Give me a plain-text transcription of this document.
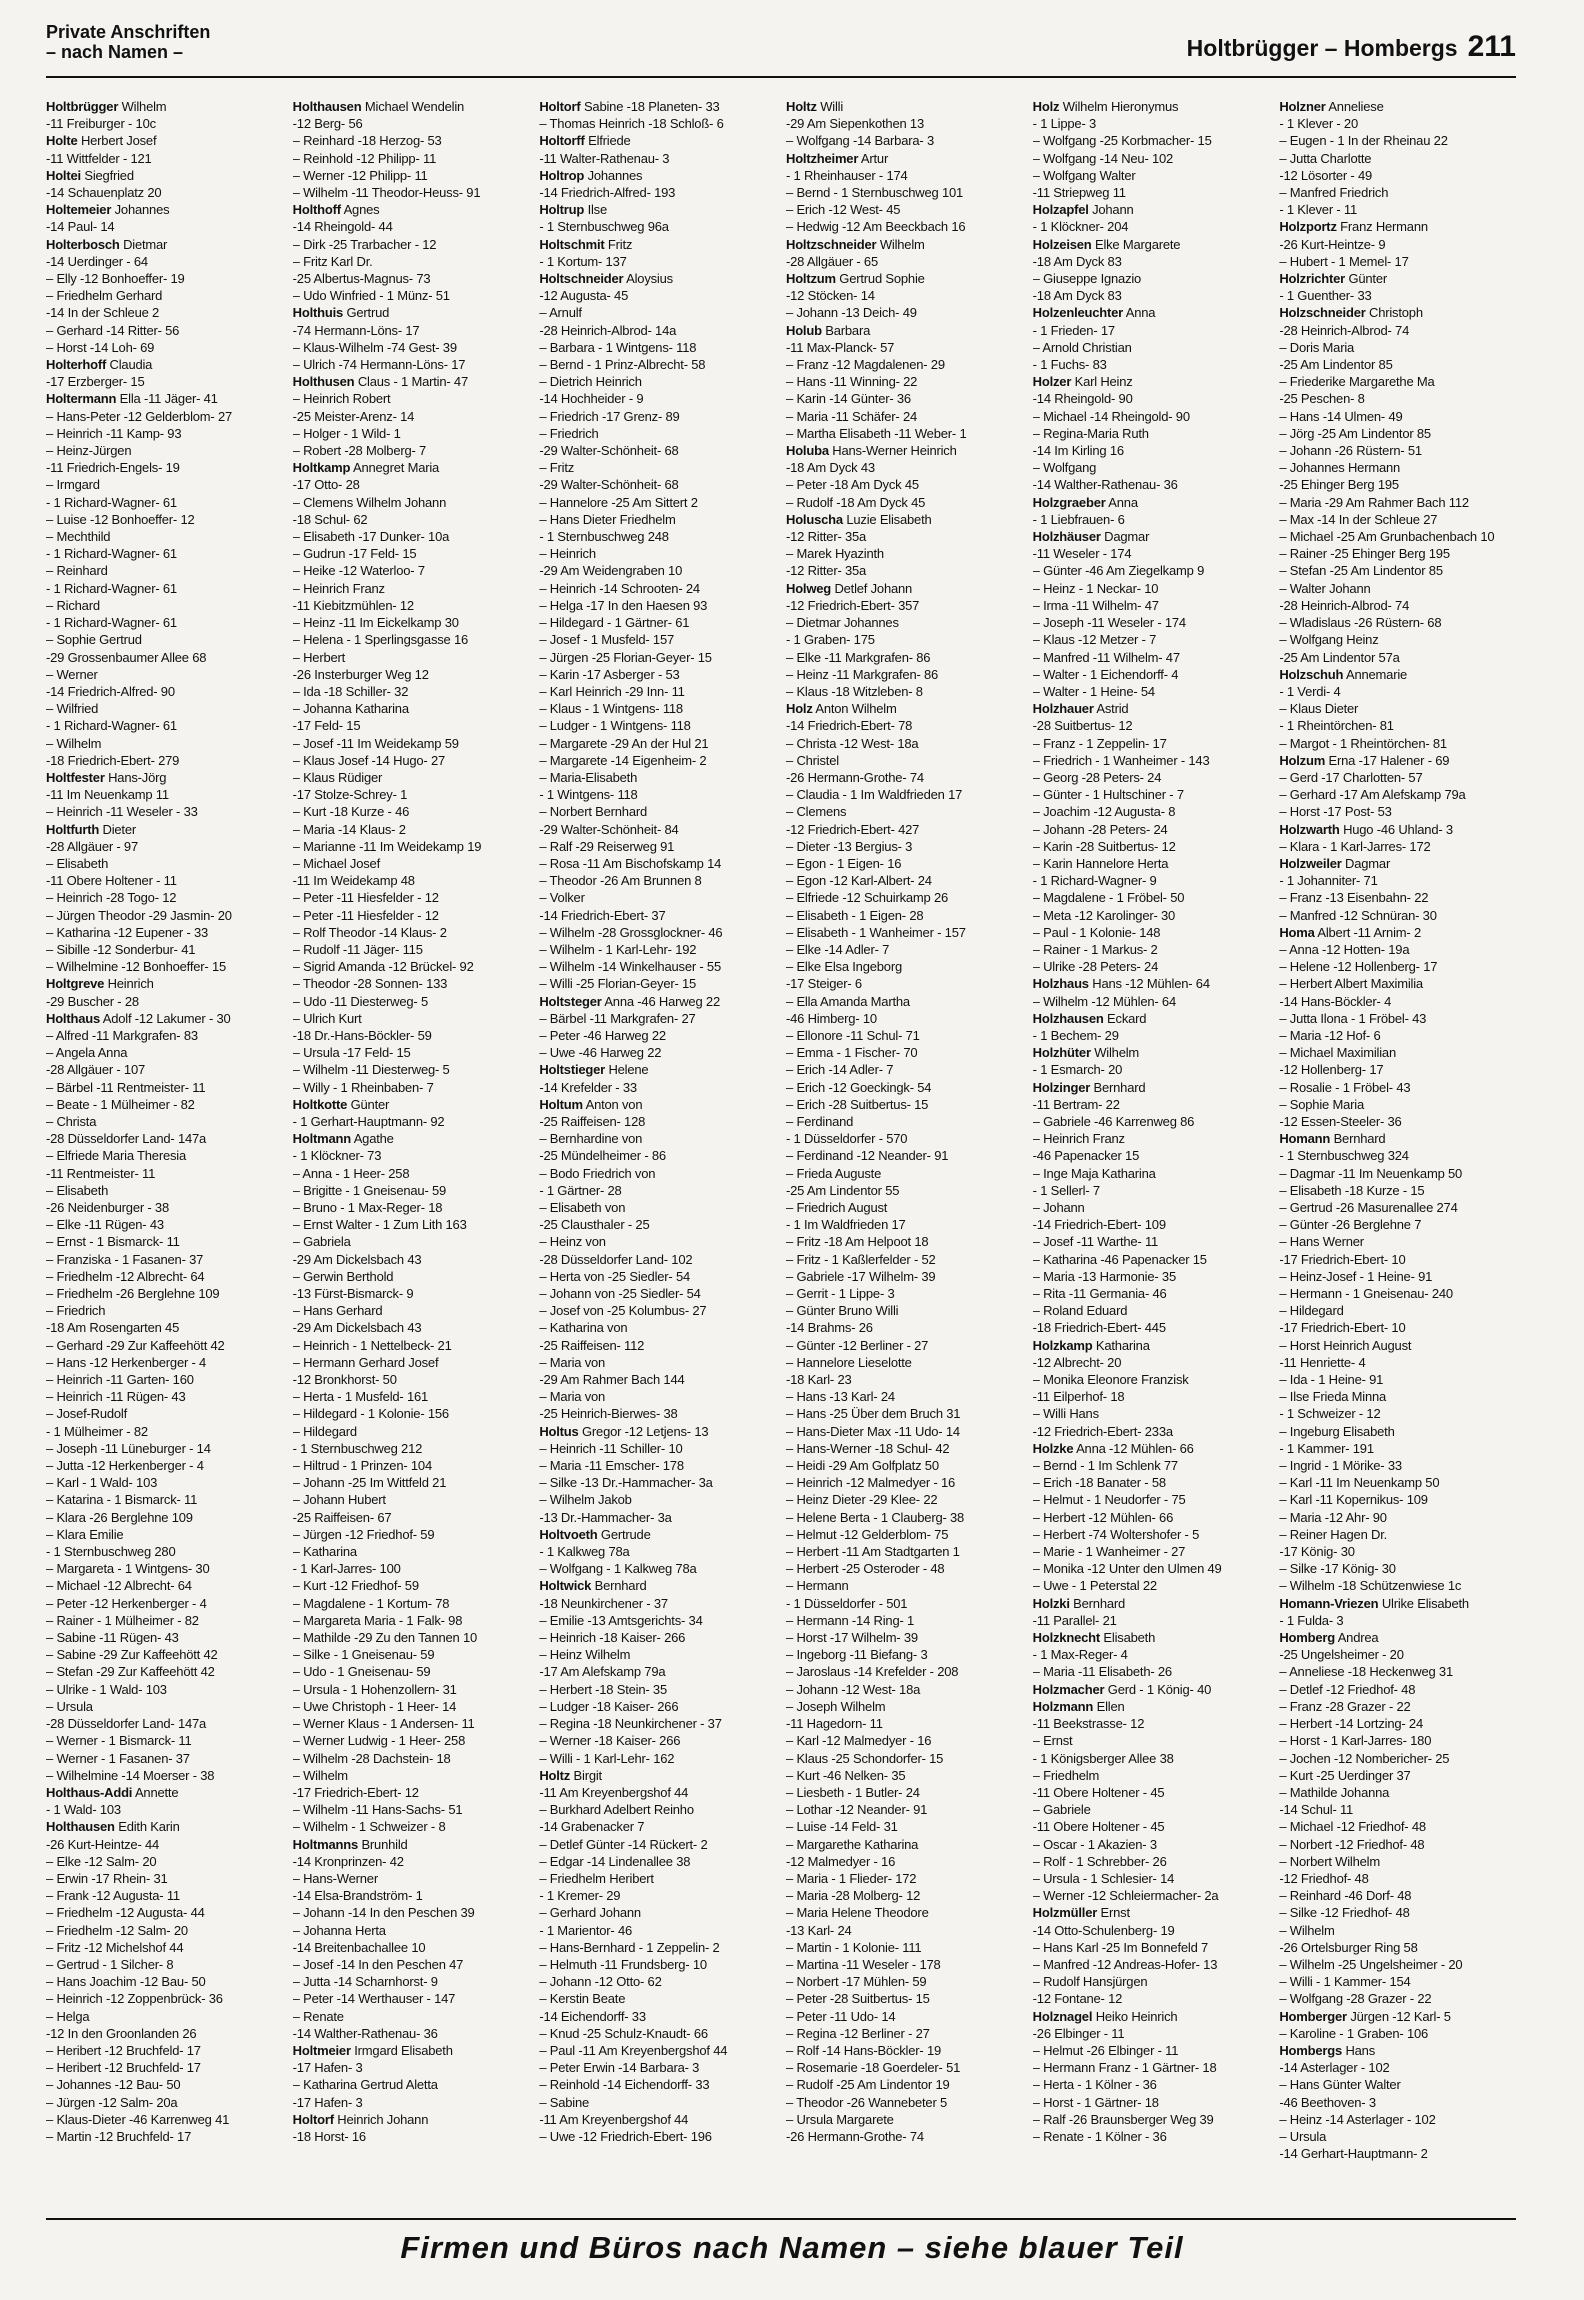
Private Anschriften
– nach Namen –	Holtbrügger – Hombergs 211
Holtbrügger Wilhelm
-11 Freiburger - 10c
Holte Herbert Josef
-11 Wittfelder - 121
Holtei Siegfried
-14 Schauenplatz 20
Holtemeier Johannes
-14 Paul- 14
Holterbosch Dietmar
-14 Uerdinger - 64
– Elly -12 Bonhoeffer- 19
– Friedhelm Gerhard
-14 In der Schleue 2
– Gerhard -14 Ritter- 56
– Horst -14 Loh- 69
Holterhoff Claudia
-17 Erzberger- 15
Holtermann Ella -11 Jäger- 41
– Hans-Peter -12 Gelderblom- 27
– Heinrich -11 Kamp- 93
– Heinz-Jürgen
-11 Friedrich-Engels- 19
– Irmgard
- 1 Richard-Wagner- 61
– Luise -12 Bonhoeffer- 12
– Mechthild
- 1 Richard-Wagner- 61
– Reinhard
- 1 Richard-Wagner- 61
– Richard
- 1 Richard-Wagner- 61
– Sophie Gertrud
-29 Grossenbaumer Allee 68
– Werner
-14 Friedrich-Alfred- 90
– Wilfried
- 1 Richard-Wagner- 61
– Wilhelm
-18 Friedrich-Ebert- 279
Holtfester Hans-Jörg
-11 Im Neuenkamp 11
– Heinrich -11 Weseler - 33
Holtfurth Dieter
-28 Allgäuer - 97
– Elisabeth
-11 Obere Holtener - 11
– Heinrich -28 Togo- 12
– Jürgen Theodor -29 Jasmin- 20
– Katharina -12 Eupener - 33
– Sibille -12 Sonderbur- 41
– Wilhelmine -12 Bonhoeffer- 15
Holtgreve Heinrich
-29 Buscher - 28
Holthaus Adolf -12 Lakumer - 30
– Alfred -11 Markgrafen- 83
– Angela Anna
-28 Allgäuer - 107
– Bärbel -11 Rentmeister- 11
– Beate - 1 Mülheimer - 82
– Christa
-28 Düsseldorfer Land- 147a
– Elfriede Maria Theresia
-11 Rentmeister- 11
– Elisabeth
-26 Neidenburger - 38
– Elke -11 Rügen- 43
– Ernst - 1 Bismarck- 11
– Franziska - 1 Fasanen- 37
– Friedhelm -12 Albrecht- 64
– Friedhelm -26 Berglehne 109
– Friedrich
-18 Am Rosengarten 45
– Gerhard -29 Zur Kaffeehött 42
– Hans -12 Herkenberger - 4
– Heinrich -11 Garten- 160
– Heinrich -11 Rügen- 43
– Josef-Rudolf
- 1 Mülheimer - 82
– Joseph -11 Lüneburger - 14
– Jutta -12 Herkenberger - 4
– Karl - 1 Wald- 103
– Katarina - 1 Bismarck- 11
– Klara -26 Berglehne 109
– Klara Emilie
- 1 Sternbuschweg 280
– Margareta - 1 Wintgens- 30
– Michael -12 Albrecht- 64
– Peter -12 Herkenberger - 4
– Rainer - 1 Mülheimer - 82
– Sabine -11 Rügen- 43
– Sabine -29 Zur Kaffeehött 42
– Stefan -29 Zur Kaffeehött 42
– Ulrike - 1 Wald- 103
– Ursula
-28 Düsseldorfer Land- 147a
– Werner - 1 Bismarck- 11
– Werner - 1 Fasanen- 37
– Wilhelmine -14 Moerser - 38
Holthaus-Addi Annette
- 1 Wald- 103
Holthausen Edith Karin
-26 Kurt-Heintze- 44
– Elke -12 Salm- 20
– Erwin -17 Rhein- 31
– Frank -12 Augusta- 11
– Friedhelm -12 Augusta- 44
– Friedhelm -12 Salm- 20
– Fritz -12 Michelshof 44
– Gertrud - 1 Silcher- 8
– Hans Joachim -12 Bau- 50
– Heinrich -12 Zoppenbrück- 36
– Helga
-12 In den Groonlanden 26
– Heribert -12 Bruchfeld- 17
– Heribert -12 Bruchfeld- 17
– Johannes -12 Bau- 50
– Jürgen -12 Salm- 20a
– Klaus-Dieter -46 Karrenweg 41
– Martin -12 Bruchfeld- 17
Holthausen Michael Wendelin
-12 Berg- 56
– Reinhard -18 Herzog- 53
– Reinhold -12 Philipp- 11
– Werner -12 Philipp- 11
– Wilhelm -11 Theodor-Heuss- 91
Holthoff Agnes
-14 Rheingold- 44
– Dirk -25 Trarbacher - 12
– Fritz Karl Dr.
-25 Albertus-Magnus- 73
– Udo Winfried - 1 Münz- 51
Holthuis Gertrud
-74 Hermann-Löns- 17
– Klaus-Wilhelm -74 Gest- 39
– Ulrich -74 Hermann-Löns- 17
Holthusen Claus - 1 Martin- 47
– Heinrich Robert
-25 Meister-Arenz- 14
– Holger - 1 Wild- 1
– Robert -28 Molberg- 7
Holtkamp Annegret Maria
-17 Otto- 28
– Clemens Wilhelm Johann
-18 Schul- 62
– Elisabeth -17 Dunker- 10a
– Gudrun -17 Feld- 15
– Heike -12 Waterloo- 7
– Heinrich Franz
-11 Kiebitzmühlen- 12
– Heinz -11 Im Eickelkamp 30
– Helena - 1 Sperlingsgasse 16
– Herbert
-26 Insterburger Weg 12
– Ida -18 Schiller- 32
– Johanna Katharina
-17 Feld- 15
– Josef -11 Im Weidekamp 59
– Klaus Josef -14 Hugo- 27
– Klaus Rüdiger
-17 Stolze-Schrey- 1
– Kurt -18 Kurze - 46
– Maria -14 Klaus- 2
– Marianne -11 Im Weidekamp 19
– Michael Josef
-11 Im Weidekamp 48
– Peter -11 Hiesfelder - 12
– Peter -11 Hiesfelder - 12
– Rolf Theodor -14 Klaus- 2
– Rudolf -11 Jäger- 115
– Sigrid Amanda -12 Brückel- 92
– Theodor -28 Sonnen- 133
– Udo -11 Diesterweg- 5
– Ulrich Kurt
-18 Dr.-Hans-Böckler- 59
– Ursula -17 Feld- 15
– Wilhelm -11 Diesterweg- 5
– Willy - 1 Rheinbaben- 7
Holtkotte Günter
- 1 Gerhart-Hauptmann- 92
Holtmann Agathe
- 1 Klöckner- 73
– Anna - 1 Heer- 258
– Brigitte - 1 Gneisenau- 59
– Bruno - 1 Max-Reger- 18
– Ernst Walter - 1 Zum Lith 163
– Gabriela
-29 Am Dickelsbach 43
– Gerwin Berthold
-13 Fürst-Bismarck- 9
– Hans Gerhard
-29 Am Dickelsbach 43
– Heinrich - 1 Nettelbeck- 21
– Hermann Gerhard Josef
-12 Bronkhorst- 50
– Herta - 1 Musfeld- 161
– Hildegard - 1 Kolonie- 156
– Hildegard
- 1 Sternbuschweg 212
– Hiltrud - 1 Prinzen- 104
– Johann -25 Im Wittfeld 21
– Johann Hubert
-25 Raiffeisen- 67
– Jürgen -12 Friedhof- 59
– Katharina
- 1 Karl-Jarres- 100
– Kurt -12 Friedhof- 59
– Magdalene - 1 Kortum- 78
– Margareta Maria - 1 Falk- 98
– Mathilde -29 Zu den Tannen 10
– Silke - 1 Gneisenau- 59
– Udo - 1 Gneisenau- 59
– Ursula - 1 Hohenzollern- 31
– Uwe Christoph - 1 Heer- 14
– Werner Klaus - 1 Andersen- 11
– Werner Ludwig - 1 Heer- 258
– Wilhelm -28 Dachstein- 18
– Wilhelm
-17 Friedrich-Ebert- 12
– Wilhelm -11 Hans-Sachs- 51
– Wilhelm - 1 Schweizer - 8
Holtmanns Brunhild
-14 Kronprinzen- 42
– Hans-Werner
-14 Elsa-Brandström- 1
– Johann -14 In den Peschen 39
– Johanna Herta
-14 Breitenbachallee 10
– Josef -14 In den Peschen 47
– Jutta -14 Scharnhorst- 9
– Peter -14 Werthauser - 147
– Renate
-14 Walther-Rathenau- 36
Holtmeier Irmgard Elisabeth
-17 Hafen- 3
– Katharina Gertrud Aletta
-17 Hafen- 3
Holtorf Heinrich Johann
-18 Horst- 16
Holtorf Sabine -18 Planeten- 33
– Thomas Heinrich -18 Schloß- 6
Holtorff Elfriede
-11 Walter-Rathenau- 3
Holtrop Johannes
-14 Friedrich-Alfred- 193
Holtrup Ilse
- 1 Sternbuschweg 96a
Holtschmit Fritz
- 1 Kortum- 137
Holtschneider Aloysius
-12 Augusta- 45
– Arnulf
-28 Heinrich-Albrod- 14a
– Barbara - 1 Wintgens- 118
– Bernd - 1 Prinz-Albrecht- 58
– Dietrich Heinrich
-14 Hochheider - 9
– Friedrich -17 Grenz- 89
– Friedrich
-29 Walter-Schönheit- 68
– Fritz
-29 Walter-Schönheit- 68
– Hannelore -25 Am Sittert 2
– Hans Dieter Friedhelm
- 1 Sternbuschweg 248
– Heinrich
-29 Am Weidengraben 10
– Heinrich -14 Schrooten- 24
– Helga -17 In den Haesen 93
– Hildegard - 1 Gärtner- 61
– Josef - 1 Musfeld- 157
– Jürgen -25 Florian-Geyer- 15
– Karin -17 Asberger - 53
– Karl Heinrich -29 Inn- 11
– Klaus - 1 Wintgens- 118
– Ludger - 1 Wintgens- 118
– Margarete -29 An der Hul 21
– Margarete -14 Eigenheim- 2
– Maria-Elisabeth
- 1 Wintgens- 118
– Norbert Bernhard
-29 Walter-Schönheit- 84
– Ralf -29 Reiserweg 91
– Rosa -11 Am Bischofskamp 14
– Theodor -26 Am Brunnen 8
– Volker
-14 Friedrich-Ebert- 37
– Wilhelm -28 Grossglockner- 46
– Wilhelm - 1 Karl-Lehr- 192
– Wilhelm -14 Winkelhauser - 55
– Willi -25 Florian-Geyer- 15
Holtsteger Anna -46 Harweg 22
– Bärbel -11 Markgrafen- 27
– Peter -46 Harweg 22
– Uwe -46 Harweg 22
Holtstieger Helene
-14 Krefelder - 33
Holtum Anton von
-25 Raiffeisen- 128
– Bernhardine von
-25 Mündelheimer - 86
– Bodo Friedrich von
- 1 Gärtner- 28
– Elisabeth von
-25 Clausthaler - 25
– Heinz von
-28 Düsseldorfer Land- 102
– Herta von -25 Siedler- 54
– Johann von -25 Siedler- 54
– Josef von -25 Kolumbus- 27
– Katharina von
-25 Raiffeisen- 112
– Maria von
-29 Am Rahmer Bach 144
– Maria von
-25 Heinrich-Bierwes- 38
Holtus Gregor -12 Letjens- 13
– Heinrich -11 Schiller- 10
– Maria -11 Emscher- 178
– Silke -13 Dr.-Hammacher- 3a
– Wilhelm Jakob
-13 Dr.-Hammacher- 3a
Holtvoeth Gertrude
- 1 Kalkweg 78a
– Wolfgang - 1 Kalkweg 78a
Holtwick Bernhard
-18 Neunkirchener - 37
– Emilie -13 Amtsgerichts- 34
– Heinrich -18 Kaiser- 266
– Heinz Wilhelm
-17 Am Alefskamp 79a
– Herbert -18 Stein- 35
– Ludger -18 Kaiser- 266
– Regina -18 Neunkirchener - 37
– Werner -18 Kaiser- 266
– Willi - 1 Karl-Lehr- 162
Holtz Birgit
-11 Am Kreyenbergshof 44
– Burkhard Adelbert Reinho
-14 Grabenacker 7
– Detlef Günter -14 Rückert- 2
– Edgar -14 Lindenallee 38
– Friedhelm Heribert
- 1 Kremer- 29
– Gerhard Johann
- 1 Marientor- 46
– Hans-Bernhard - 1 Zeppelin- 2
– Helmuth -11 Frundsberg- 10
– Johann -12 Otto- 62
– Kerstin Beate
-14 Eichendorff- 33
– Knud -25 Schulz-Knaudt- 66
– Paul -11 Am Kreyenbergshof 44
– Peter Erwin -14 Barbara- 3
– Reinhold -14 Eichendorff- 33
– Sabine
-11 Am Kreyenbergshof 44
– Uwe -12 Friedrich-Ebert- 196
Holtz Willi
-29 Am Siepenkothen 13
– Wolfgang -14 Barbara- 3
Holtzheimer Artur
- 1 Rheinhauser - 174
– Bernd - 1 Sternbuschweg 101
– Erich -12 West- 45
– Hedwig -12 Am Beeckbach 16
Holtzschneider Wilhelm
-28 Allgäuer - 65
Holtzum Gertrud Sophie
-12 Stöcken- 14
– Johann -13 Deich- 49
Holub Barbara
-11 Max-Planck- 57
– Franz -12 Magdalenen- 29
– Hans -11 Winning- 22
– Karin -14 Günter- 36
– Maria -11 Schäfer- 24
– Martha Elisabeth -11 Weber- 1
Holuba Hans-Werner Heinrich
-18 Am Dyck 43
– Peter -18 Am Dyck 45
– Rudolf -18 Am Dyck 45
Holuscha Luzie Elisabeth
-12 Ritter- 35a
– Marek Hyazinth
-12 Ritter- 35a
Holweg Detlef Johann
-12 Friedrich-Ebert- 357
– Dietmar Johannes
- 1 Graben- 175
– Elke -11 Markgrafen- 86
– Heinz -11 Markgrafen- 86
– Klaus -18 Witzleben- 8
Holz Anton Wilhelm
-14 Friedrich-Ebert- 78
– Christa -12 West- 18a
– Christel
-26 Hermann-Grothe- 74
– Claudia - 1 Im Waldfrieden 17
– Clemens
-12 Friedrich-Ebert- 427
– Dieter -13 Bergius- 3
– Egon - 1 Eigen- 16
– Egon -12 Karl-Albert- 24
– Elfriede -12 Schuirkamp 26
– Elisabeth - 1 Eigen- 28
– Elisabeth - 1 Wanheimer - 157
– Elke -14 Adler- 7
– Elke Elsa Ingeborg
-17 Steiger- 6
– Ella Amanda Martha
-46 Himberg- 10
– Ellonore -11 Schul- 71
– Emma - 1 Fischer- 70
– Erich -14 Adler- 7
– Erich -12 Goeckingk- 54
– Erich -28 Suitbertus- 15
– Ferdinand
- 1 Düsseldorfer - 570
– Ferdinand -12 Neander- 91
– Frieda Auguste
-25 Am Lindentor 55
– Friedrich August
- 1 Im Waldfrieden 17
– Fritz -18 Am Helpoot 18
– Fritz - 1 Kaßlerfelder - 52
– Gabriele -17 Wilhelm- 39
– Gerrit - 1 Lippe- 3
– Günter Bruno Willi
-14 Brahms- 26
– Günter -12 Berliner - 27
– Hannelore Lieselotte
-18 Karl- 23
– Hans -13 Karl- 24
– Hans -25 Über dem Bruch 31
– Hans-Dieter Max -11 Udo- 14
– Hans-Werner -18 Schul- 42
– Heidi -29 Am Golfplatz 50
– Heinrich -12 Malmedyer - 16
– Heinz Dieter -29 Klee- 22
– Helene Berta - 1 Clauberg- 38
– Helmut -12 Gelderblom- 75
– Herbert -11 Am Stadtgarten 1
– Herbert -25 Osteroder - 48
– Hermann
- 1 Düsseldorfer - 501
– Hermann -14 Ring- 1
– Horst -17 Wilhelm- 39
– Ingeborg -11 Biefang- 3
– Jaroslaus -14 Krefelder - 208
– Johann -12 West- 18a
– Joseph Wilhelm
-11 Hagedorn- 11
– Karl -12 Malmedyer - 16
– Klaus -25 Schondorfer- 15
– Kurt -46 Nelken- 35
– Liesbeth - 1 Butler- 24
– Lothar -12 Neander- 91
– Luise -14 Feld- 31
– Margarethe Katharina
-12 Malmedyer - 16
– Maria - 1 Flieder- 172
– Maria -28 Molberg- 12
– Maria Helene Theodore
-13 Karl- 24
– Martin - 1 Kolonie- 111
– Martina -11 Weseler - 178
– Norbert -17 Mühlen- 59
– Peter -28 Suitbertus- 15
– Peter -11 Udo- 14
– Regina -12 Berliner - 27
– Rolf -14 Hans-Böckler- 19
– Rosemarie -18 Goerdeler- 51
– Rudolf -25 Am Lindentor 19
– Theodor -26 Wannebeter 5
– Ursula Margarete
-26 Hermann-Grothe- 74
Holz Wilhelm Hieronymus
- 1 Lippe- 3
– Wolfgang -25 Korbmacher- 15
– Wolfgang -14 Neu- 102
– Wolfgang Walter
-11 Striepweg 11
Holzapfel Johann
- 1 Klöckner- 204
Holzeisen Elke Margarete
-18 Am Dyck 83
– Giuseppe Ignazio
-18 Am Dyck 83
Holzenleuchter Anna
- 1 Frieden- 17
– Arnold Christian
- 1 Fuchs- 83
Holzer Karl Heinz
-14 Rheingold- 90
– Michael -14 Rheingold- 90
– Regina-Maria Ruth
-14 Im Kirling 16
– Wolfgang
-14 Walther-Rathenau- 36
Holzgraeber Anna
- 1 Liebfrauen- 6
Holzhäuser Dagmar
-11 Weseler - 174
– Günter -46 Am Ziegelkamp 9
– Heinz - 1 Neckar- 10
– Irma -11 Wilhelm- 47
– Joseph -11 Weseler - 174
– Klaus -12 Metzer - 7
– Manfred -11 Wilhelm- 47
– Walter - 1 Eichendorff- 4
– Walter - 1 Heine- 54
Holzhauer Astrid
-28 Suitbertus- 12
– Franz - 1 Zeppelin- 17
– Friedrich - 1 Wanheimer - 143
– Georg -28 Peters- 24
– Günter - 1 Hultschiner - 7
– Joachim -12 Augusta- 8
– Johann -28 Peters- 24
– Karin -28 Suitbertus- 12
– Karin Hannelore Herta
- 1 Richard-Wagner- 9
– Magdalene - 1 Fröbel- 50
– Meta -12 Karolinger- 30
– Paul - 1 Kolonie- 148
– Rainer - 1 Markus- 2
– Ulrike -28 Peters- 24
Holzhaus Hans -12 Mühlen- 64
– Wilhelm -12 Mühlen- 64
Holzhausen Eckard
- 1 Bechem- 29
Holzhüter Wilhelm
- 1 Esmarch- 20
Holzinger Bernhard
-11 Bertram- 22
– Gabriele -46 Karrenweg 86
– Heinrich Franz
-46 Papenacker 15
– Inge Maja Katharina
- 1 Sellerl- 7
– Johann
-14 Friedrich-Ebert- 109
– Josef -11 Warthe- 11
– Katharina -46 Papenacker 15
– Maria -13 Harmonie- 35
– Rita -11 Germania- 46
– Roland Eduard
-18 Friedrich-Ebert- 445
Holzkamp Katharina
-12 Albrecht- 20
– Monika Eleonore Franzisk
-11 Eilperhof- 18
– Willi Hans
-12 Friedrich-Ebert- 233a
Holzke Anna -12 Mühlen- 66
– Bernd - 1 Im Schlenk 77
– Erich -18 Banater - 58
– Helmut - 1 Neudorfer - 75
– Herbert -12 Mühlen- 66
– Herbert -74 Woltershofer - 5
– Marie - 1 Wanheimer - 27
– Monika -12 Unter den Ulmen 49
– Uwe - 1 Peterstal 22
Holzki Bernhard
-11 Parallel- 21
Holzknecht Elisabeth
- 1 Max-Reger- 4
– Maria -11 Elisabeth- 26
Holzmacher Gerd - 1 König- 40
Holzmann Ellen
-11 Beekstrasse- 12
– Ernst
- 1 Königsberger Allee 38
– Friedhelm
-11 Obere Holtener - 45
– Gabriele
-11 Obere Holtener - 45
– Oscar - 1 Akazien- 3
– Rolf - 1 Schrebber- 26
– Ursula - 1 Schlesier- 14
– Werner -12 Schleiermacher- 2a
Holzmüller Ernst
-14 Otto-Schulenberg- 19
– Hans Karl -25 Im Bonnefeld 7
– Manfred -12 Andreas-Hofer- 13
– Rudolf Hansjürgen
-12 Fontane- 12
Holznagel Heiko Heinrich
-26 Elbinger - 11
– Helmut -26 Elbinger - 11
– Hermann Franz - 1 Gärtner- 18
– Herta - 1 Kölner - 36
– Horst - 1 Gärtner- 18
– Ralf -26 Braunsberger Weg 39
– Renate - 1 Kölner - 36
Holzner Anneliese
- 1 Klever - 20
– Eugen - 1 In der Rheinau 22
– Jutta Charlotte
-12 Lösorter - 49
– Manfred Friedrich
- 1 Klever - 11
Holzportz Franz Hermann
-26 Kurt-Heintze- 9
– Hubert - 1 Memel- 17
Holzrichter Günter
- 1 Guenther- 33
Holzschneider Christoph
-28 Heinrich-Albrod- 74
– Doris Maria
-25 Am Lindentor 85
– Friederike Margarethe Ma
-25 Peschen- 8
– Hans -14 Ulmen- 49
– Jörg -25 Am Lindentor 85
– Johann -26 Rüstern- 51
– Johannes Hermann
-25 Ehinger Berg 195
– Maria -29 Am Rahmer Bach 112
– Max -14 In der Schleue 27
– Michael -25 Am Grunbachenbach 10
– Rainer -25 Ehinger Berg 195
– Stefan -25 Am Lindentor 85
– Walter Johann
-28 Heinrich-Albrod- 74
– Wladislaus -26 Rüstern- 68
– Wolfgang Heinz
-25 Am Lindentor 57a
Holzschuh Annemarie
- 1 Verdi- 4
– Klaus Dieter
- 1 Rheintörchen- 81
– Margot - 1 Rheintörchen- 81
Holzum Erna -17 Halener - 69
– Gerd -17 Charlotten- 57
– Gerhard -17 Am Alefskamp 79a
– Horst -17 Post- 53
Holzwarth Hugo -46 Uhland- 3
– Klara - 1 Karl-Jarres- 172
Holzweiler Dagmar
- 1 Johanniter- 71
– Franz -13 Eisenbahn- 22
– Manfred -12 Schnüran- 30
Homa Albert -11 Arnim- 2
– Anna -12 Hotten- 19a
– Helene -12 Hollenberg- 17
– Herbert Albert Maximilia
-14 Hans-Böckler- 4
– Jutta Ilona - 1 Fröbel- 43
– Maria -12 Hof- 6
– Michael Maximilian
-12 Hollenberg- 17
– Rosalie - 1 Fröbel- 43
– Sophie Maria
-12 Essen-Steeler- 36
Homann Bernhard
- 1 Sternbuschweg 324
– Dagmar -11 Im Neuenkamp 50
– Elisabeth -18 Kurze - 15
– Gertrud -26 Masurenallee 274
– Günter -26 Berglehne 7
– Hans Werner
-17 Friedrich-Ebert- 10
– Heinz-Josef - 1 Heine- 91
– Hermann - 1 Gneisenau- 240
– Hildegard
-17 Friedrich-Ebert- 10
– Horst Heinrich August
-11 Henriette- 4
– Ida - 1 Heine- 91
– Ilse Frieda Minna
- 1 Schweizer - 12
– Ingeburg Elisabeth
- 1 Kammer- 191
– Ingrid - 1 Mörike- 33
– Karl -11 Im Neuenkamp 50
– Karl -11 Kopernikus- 109
– Maria -12 Ahr- 90
– Reiner Hagen Dr.
-17 König- 30
– Silke -17 König- 30
– Wilhelm -18 Schützenwiese 1c
Homann-Vriezen Ulrike Elisabeth
- 1 Fulda- 3
Homberg Andrea
-25 Ungelsheimer - 20
– Anneliese -18 Heckenweg 31
– Detlef -12 Friedhof- 48
– Franz -28 Grazer - 22
– Herbert -14 Lortzing- 24
– Horst - 1 Karl-Jarres- 180
– Jochen -12 Nombericher- 25
– Kurt -25 Uerdinger 37
– Mathilde Johanna
-14 Schul- 11
– Michael -12 Friedhof- 48
– Norbert -12 Friedhof- 48
– Norbert Wilhelm
-12 Friedhof- 48
– Reinhard -46 Dorf- 48
– Silke -12 Friedhof- 48
– Wilhelm
-26 Ortelsburger Ring 58
– Wilhelm -25 Ungelsheimer - 20
– Willi - 1 Kammer- 154
– Wolfgang -28 Grazer - 22
Homberger Jürgen -12 Karl- 5
– Karoline - 1 Graben- 106
Hombergs Hans
-14 Asterlager - 102
– Hans Günter Walter
-46 Beethoven- 3
– Heinz -14 Asterlager - 102
– Ursula
-14 Gerhart-Hauptmann- 2
Firmen und Büros nach Namen – siehe blauer Teil
